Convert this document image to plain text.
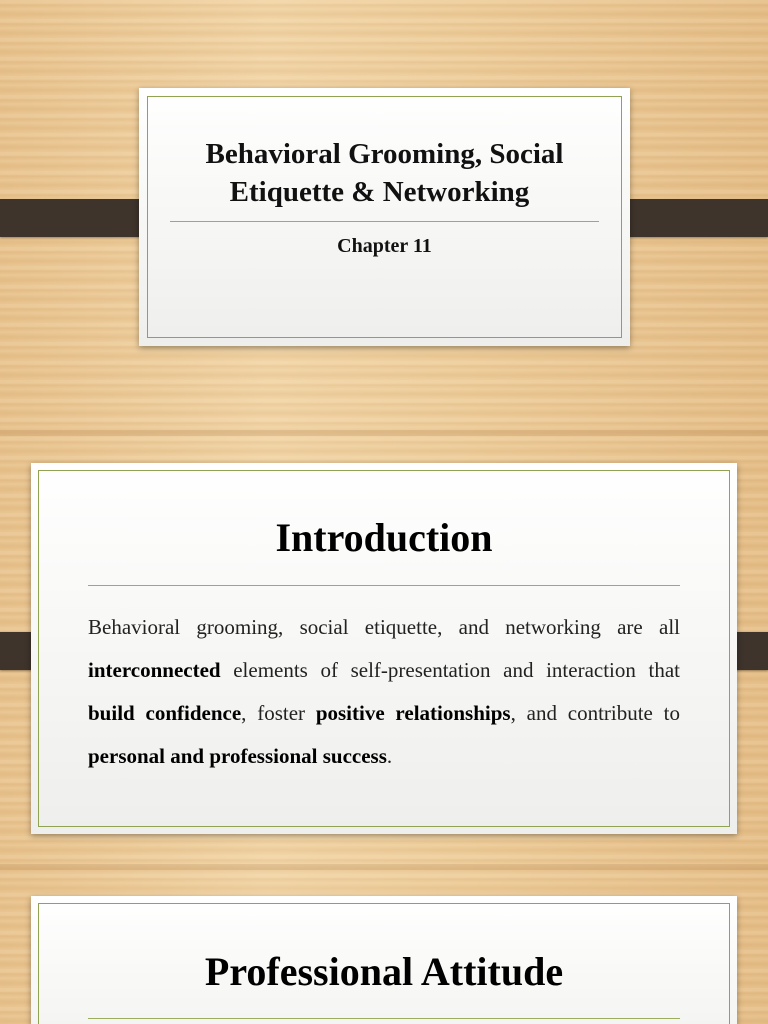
Behavioral Grooming, Social
Etiquette & Networking
Chapter 11
Introduction
Behavioral grooming, social etiquette, and networking are all interconnected elements of self-presentation and interaction that build confidence, foster positive relationships, and contribute to personal and professional success.
Professional Attitude
